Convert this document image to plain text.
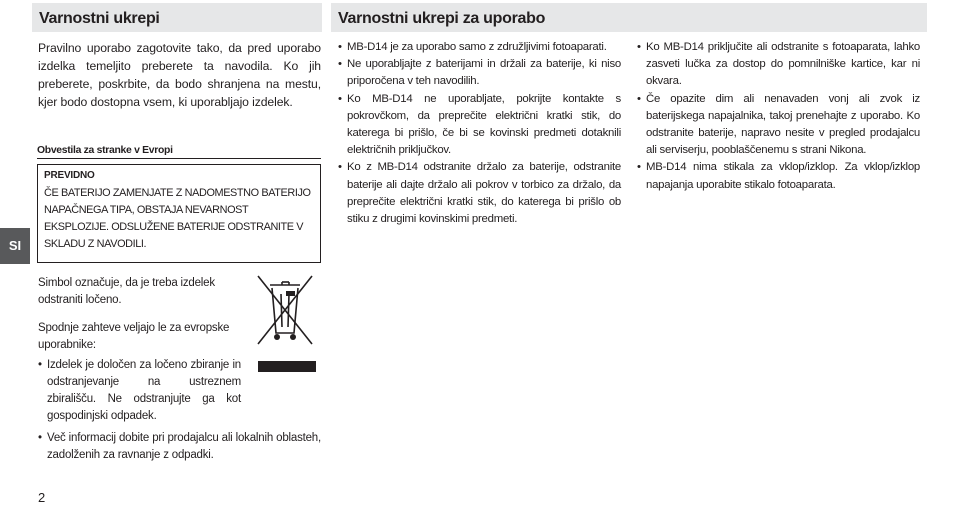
Varnostni ukrepi	Varnostni ukrepi za uporabo

Pravilno uporabo zagotovite tako, da pred uporabo izdelka temeljito preberete ta navodila. Ko jih preberete, poskrbite, da bodo shranjena na mestu, kjer bodo dostopna vsem, ki uporabljajo izdelek.

Obvestila za stranke v Evropi
PREVIDNO

ČE BATERIJO ZAMENJATE Z NADOMESTNO BATERIJO NAPAČNEGA TIPA, OBSTAJA NEVARNOST EKSPLOZIJE. ODSLUŽENE BATERIJE ODSTRANITE V SKLADU Z NAVODILI.

Simbol označuje, da je treba izdelek odstraniti ločeno.

Spodnje zahteve veljajo le za evropske uporabnike:

• Izdelek je določen za ločeno zbiranje in odstranjevanje na ustreznem zbirališču. Ne odstranjujte ga kot gospodinjski odpadek.
• Več informacij dobite pri prodajalcu ali lokalnih oblasteh, zadolženih za ravnanje z odpadki.
• MB-D14 je za uporabo samo z združljivimi fotoaparati.
• Ne uporabljajte z baterijami in držali za baterije, ki niso priporočena v teh navodilih.
• Ko MB-D14 ne uporabljate, pokrijte kontakte s pokrovčkom, da preprečite električni kratki stik, do katerega bi prišlo, če bi se kovinski predmeti dotaknili električnih priključkov.
• Ko z MB-D14 odstranite držalo za baterije, odstranite baterije ali dajte držalo ali pokrov v torbico za držalo, da preprečite električni kratki stik, do katerega bi prišlo ob stiku z drugimi kovinskimi predmeti.
• Ko MB-D14 priključite ali odstranite s fotoaparata, lahko zasveti lučka za dostop do pomnilniške kartice, kar ni okvara.
• Če opazite dim ali nenavaden vonj ali zvok iz baterijskega napajalnika, takoj prenehajte z uporabo. Ko odstranite baterije, napravo nesite v pregled prodajalcu ali serviserju, pooblaščenemu s strani Nikona.
• MB-D14 nima stikala za vklop/izklop. Za vklop/izklop napajanja uporabite stikalo fotoaparata.
SI
2
